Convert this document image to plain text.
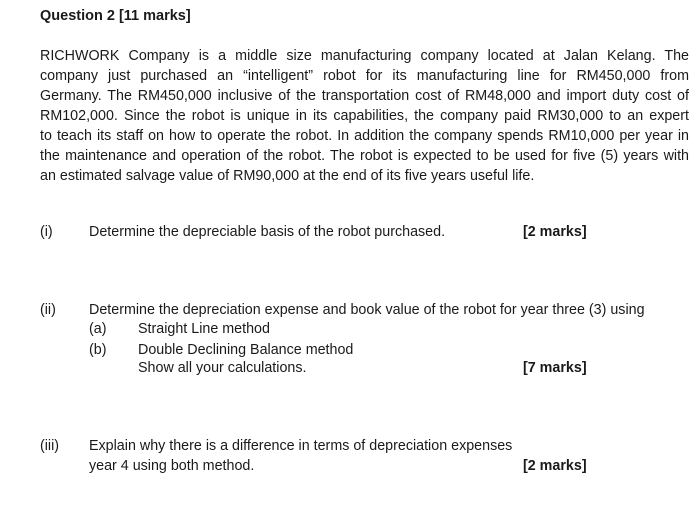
Question 2 [11 marks]
RICHWORK Company is a middle size manufacturing company located at Jalan Kelang. The
company just purchased an “intelligent” robot for its manufacturing line for RM450,000 from
Germany. The RM450,000 inclusive of the transportation cost of RM48,000 and import duty cost of
RM102,000. Since the robot is unique in its capabilities, the company paid RM30,000 to an expert
to teach its staff on how to operate the robot. In addition the company spends RM10,000 per year in
the maintenance and operation of the robot. The robot is expected to be used for five (5) years with
an estimated salvage value of RM90,000 at the end of its five years useful life.
(i)	Determine the depreciable basis of the robot purchased.	[2 marks]
(ii) Determine the depreciation expense and book value of the robot for year three (3) using
(a) Straight Line method
(b) Double Declining Balance method
Show all your calculations.	[7 marks]
(iii) Explain why there is a difference in terms of depreciation expenses
year 4 using both method.	[2 marks]
